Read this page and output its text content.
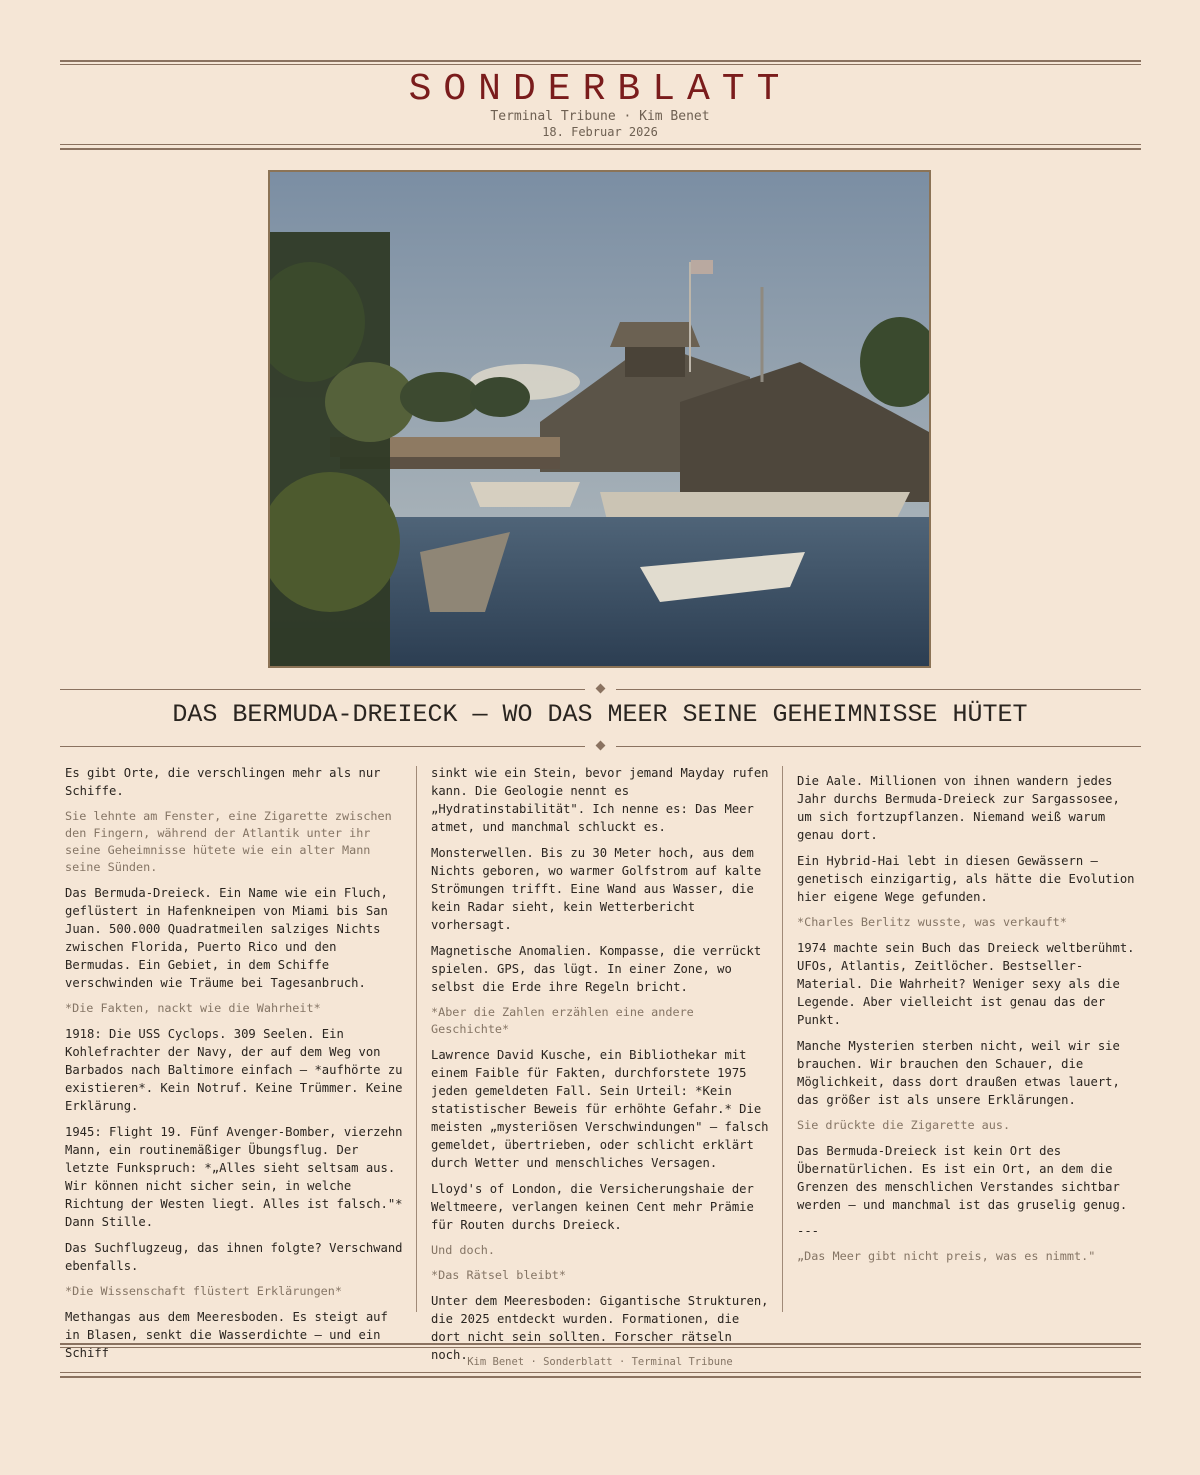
SONDERBLATT
Terminal Tribune · Kim Benet
18. Februar 2026
DAS BERMUDA-DREIECK — WO DAS MEER SEINE GEHEIMNISSE HÜTET

Es gibt Orte, die verschlingen mehr als nur Schiffe.

Sie lehnte am Fenster, eine Zigarette zwischen den Fingern, während der Atlantik unter ihr seine Geheimnisse hütete wie ein alter Mann seine Sünden.

Das Bermuda-Dreieck. Ein Name wie ein Fluch, geflüstert in Hafenkneipen von Miami bis San Juan. 500.000 Quadratmeilen salziges Nichts zwischen Florida, Puerto Rico und den Bermudas. Ein Gebiet, in dem Schiffe verschwinden wie Träume bei Tagesanbruch.

*Die Fakten, nackt wie die Wahrheit*

1918: Die USS Cyclops. 309 Seelen. Ein Kohlefrachter der Navy, der auf dem Weg von Barbados nach Baltimore einfach — *aufhörte zu existieren*. Kein Notruf. Keine Trümmer. Keine Erklärung.

1945: Flight 19. Fünf Avenger-Bomber, vierzehn Mann, ein routinemäßiger Übungsflug. Der letzte Funkspruch: *„Alles sieht seltsam aus. Wir können nicht sicher sein, in welche Richtung der Westen liegt. Alles ist falsch."* Dann Stille.

Das Suchflugzeug, das ihnen folgte? Verschwand ebenfalls.

*Die Wissenschaft flüstert Erklärungen*

Methangas aus dem Meeresboden. Es steigt auf in Blasen, senkt die Wasserdichte — und ein Schiff

sinkt wie ein Stein, bevor jemand Mayday rufen kann. Die Geologie nennt es „Hydratinstabilität". Ich nenne es: Das Meer atmet, und manchmal schluckt es.

Monsterwellen. Bis zu 30 Meter hoch, aus dem Nichts geboren, wo warmer Golfstrom auf kalte Strömungen trifft. Eine Wand aus Wasser, die kein Radar sieht, kein Wetterbericht vorhersagt.

Magnetische Anomalien. Kompasse, die verrückt spielen. GPS, das lügt. In einer Zone, wo selbst die Erde ihre Regeln bricht.

*Aber die Zahlen erzählen eine andere Geschichte*

Lawrence David Kusche, ein Bibliothekar mit einem Faible für Fakten, durchforstete 1975 jeden gemeldeten Fall. Sein Urteil: *Kein statistischer Beweis für erhöhte Gefahr.* Die meisten „mysteriösen Verschwindungen" — falsch gemeldet, übertrieben, oder schlicht erklärt durch Wetter und menschliches Versagen.

Lloyd's of London, die Versicherungshaie der Weltmeere, verlangen keinen Cent mehr Prämie für Routen durchs Dreieck.

Und doch.

*Das Rätsel bleibt*

Unter dem Meeresboden: Gigantische Strukturen, die 2025 entdeckt wurden. Formationen, die dort nicht sein sollten. Forscher rätseln noch.

Die Aale. Millionen von ihnen wandern jedes Jahr durchs Bermuda-Dreieck zur Sargassosee, um sich fortzupflanzen. Niemand weiß warum genau dort.

Ein Hybrid-Hai lebt in diesen Gewässern — genetisch einzigartig, als hätte die Evolution hier eigene Wege gefunden.

*Charles Berlitz wusste, was verkauft*

1974 machte sein Buch das Dreieck weltberühmt. UFOs, Atlantis, Zeitlöcher. Bestseller-Material. Die Wahrheit? Weniger sexy als die Legende. Aber vielleicht ist genau das der Punkt.

Manche Mysterien sterben nicht, weil wir sie brauchen. Wir brauchen den Schauer, die Möglichkeit, dass dort draußen etwas lauert, das größer ist als unsere Erklärungen.

Sie drückte die Zigarette aus.

Das Bermuda-Dreieck ist kein Ort des Übernatürlichen. Es ist ein Ort, an dem die Grenzen des menschlichen Verstandes sichtbar werden — und manchmal ist das gruselig genug.

---

„Das Meer gibt nicht preis, was es nimmt."

Kim Benet · Sonderblatt · Terminal Tribune
